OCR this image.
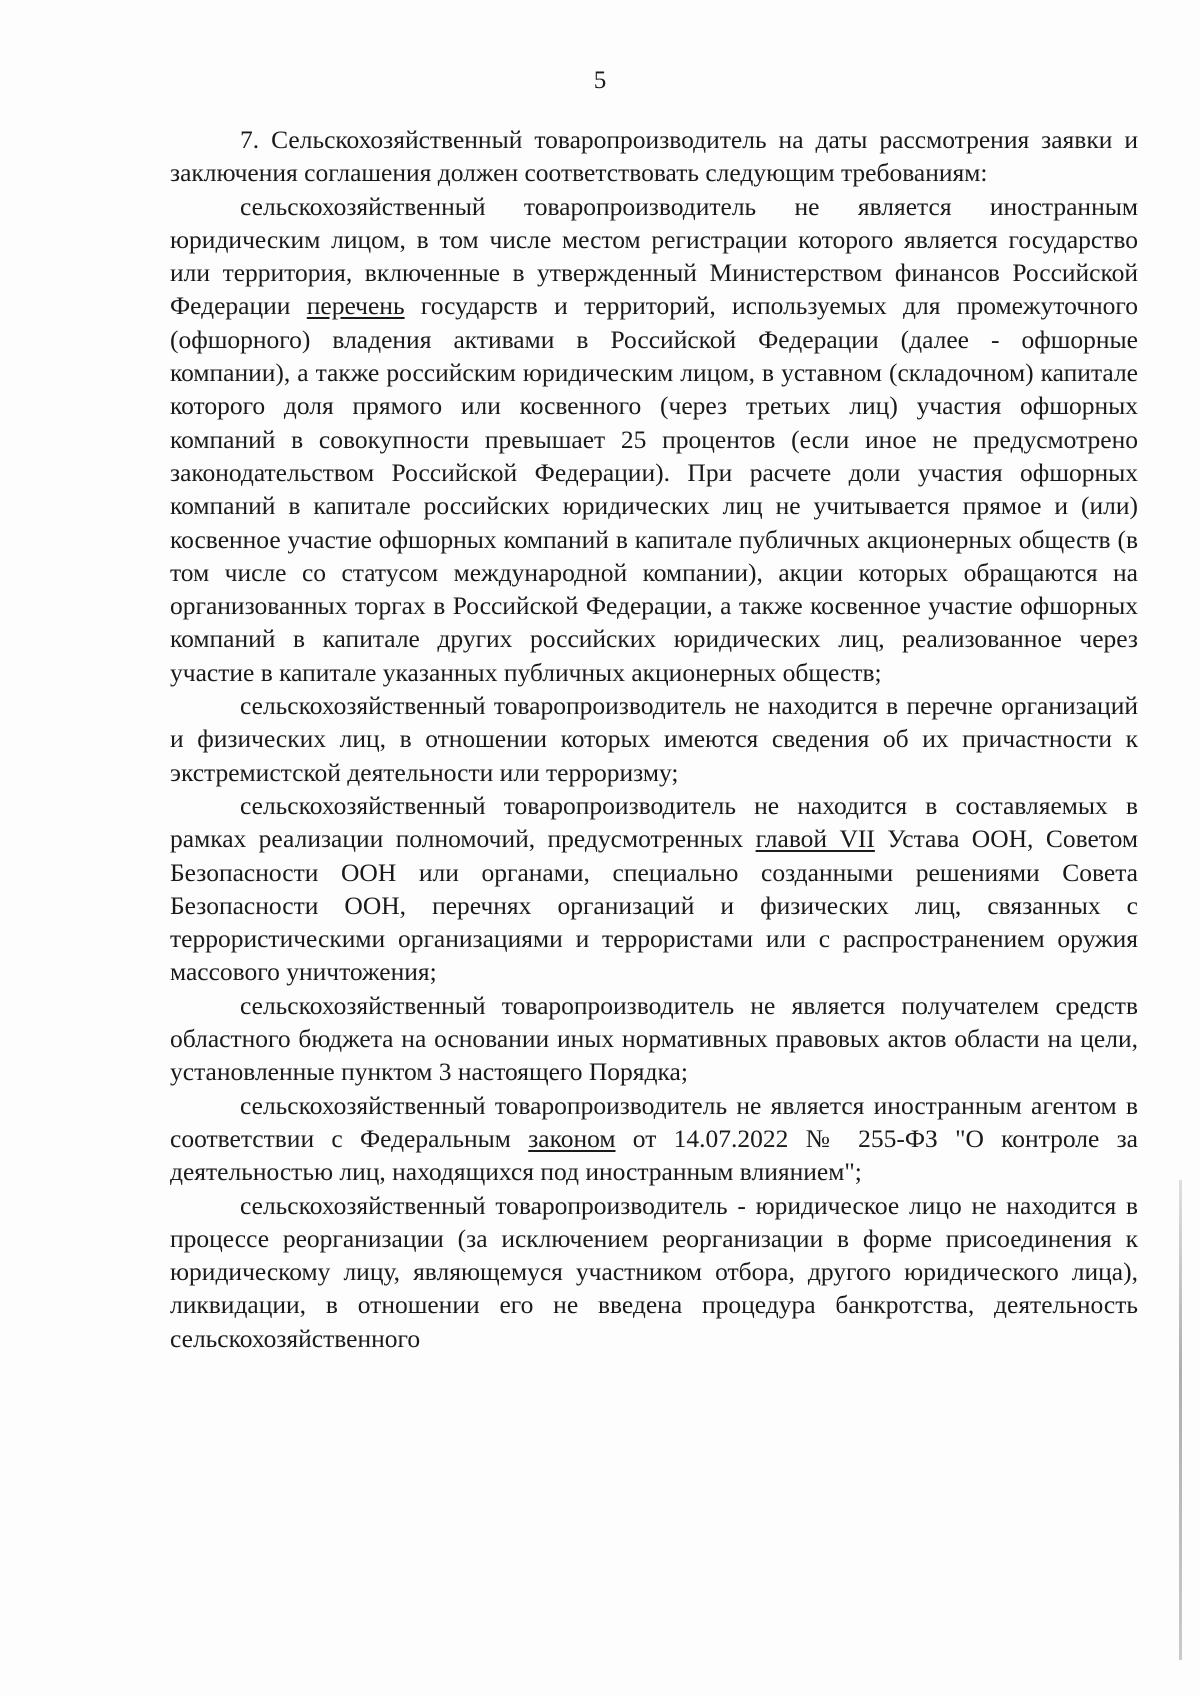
5

7. Сельскохозяйственный товаропроизводитель на даты рассмотрения заявки и заключения соглашения должен соответствовать следующим требованиям:

сельскохозяйственный товаропроизводитель не является иностранным юридическим лицом, в том числе местом регистрации которого является государство или территория, включенные в утвержденный Министерством финансов Российской Федерации перечень государств и территорий, используемых для промежуточного (офшорного) владения активами в Российской Федерации (далее - офшорные компании), а также российским юридическим лицом, в уставном (складочном) капитале которого доля прямого или косвенного (через третьих лиц) участия офшорных компаний в совокупности превышает 25 процентов (если иное не предусмотрено законодательством Российской Федерации). При расчете доли участия офшорных компаний в капитале российских юридических лиц не учитывается прямое и (или) косвенное участие офшорных компаний в капитале публичных акционерных обществ (в том числе со статусом международной компании), акции которых обращаются на организованных торгах в Российской Федерации, а также косвенное участие офшорных компаний в капитале других российских юридических лиц, реализованное через участие в капитале указанных публичных акционерных обществ;

сельскохозяйственный товаропроизводитель не находится в перечне организаций и физических лиц, в отношении которых имеются сведения об их причастности к экстремистской деятельности или терроризму;

сельскохозяйственный товаропроизводитель не находится в составляемых в рамках реализации полномочий, предусмотренных главой VII Устава ООН, Советом Безопасности ООН или органами, специально созданными решениями Совета Безопасности ООН, перечнях организаций и физических лиц, связанных с террористическими организациями и террористами или с распространением оружия массового уничтожения;

сельскохозяйственный товаропроизводитель не является получателем средств областного бюджета на основании иных нормативных правовых актов области на цели, установленные пунктом 3 настоящего Порядка;

сельскохозяйственный товаропроизводитель не является иностранным агентом в соответствии с Федеральным законом от 14.07.2022 № 255-ФЗ "О контроле за деятельностью лиц, находящихся под иностранным влиянием";

сельскохозяйственный товаропроизводитель - юридическое лицо не находится в процессе реорганизации (за исключением реорганизации в форме присоединения к юридическому лицу, являющемуся участником отбора, другого юридического лица), ликвидации, в отношении его не введена процедура банкротства, деятельность сельскохозяйственного
